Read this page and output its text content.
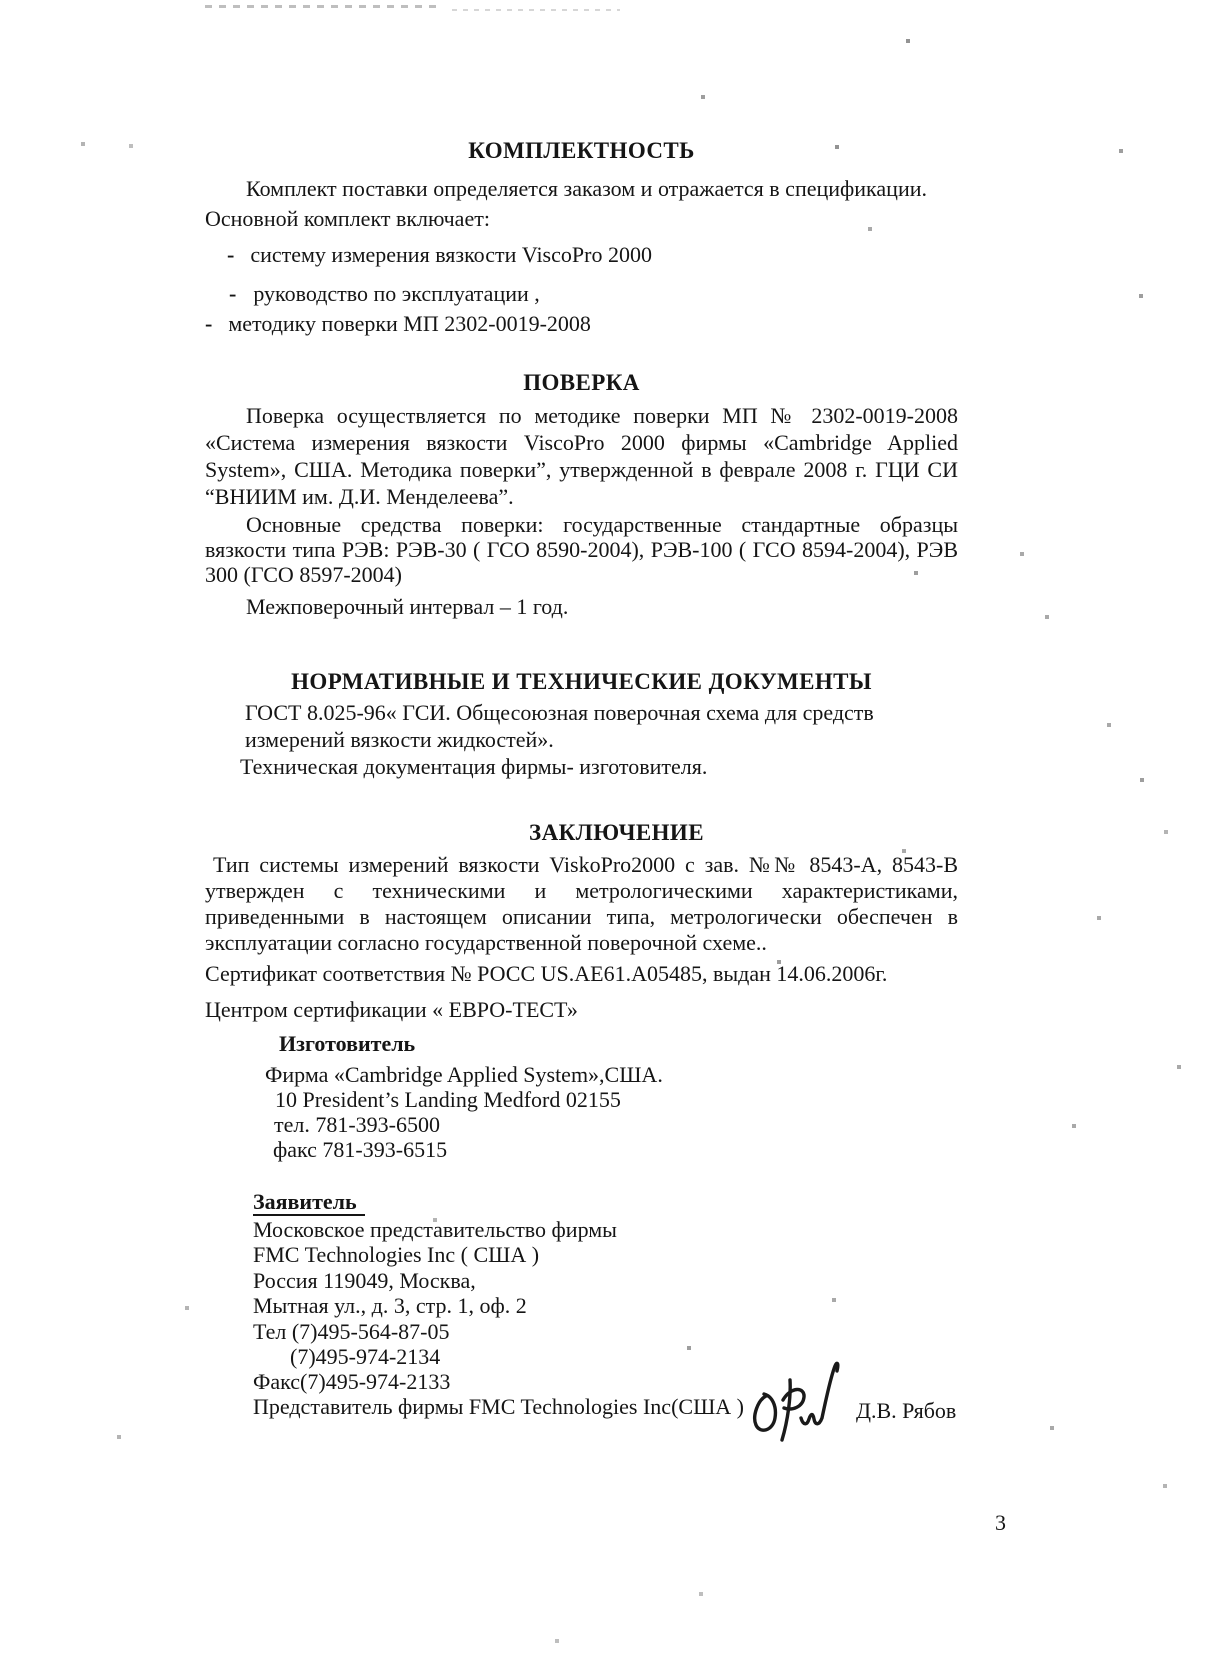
КОМПЛЕКТНОСТЬ
Комплект поставки определяется заказом и отражается в спецификации.
Основной комплект включает:
- систему измерения вязкости ViscoPro 2000
- руководство по эксплуатации ,
- методику поверки МП 2302-0019-2008
ПОВЕРКА
Поверка осуществляется по методике поверки МП № 2302-0019-2008
«Система измерения вязкости ViscoPro 2000 фирмы «Cambridge Applied
System», США. Методика поверки”, утвержденной в феврале 2008 г. ГЦИ СИ
“ВНИИМ им. Д.И. Менделеева”.
Основные средства поверки: государственные стандартные образцы
вязкости типа РЭВ: РЭВ-30 ( ГСО 8590-2004), РЭВ-100 ( ГСО 8594-2004), РЭВ
300 (ГСО 8597-2004)
Межповерочный интервал – 1 год.
НОРМАТИВНЫЕ И ТЕХНИЧЕСКИЕ ДОКУМЕНТЫ
ГОСТ 8.025-96« ГСИ. Общесоюзная поверочная схема для средств
измерений вязкости жидкостей».
Техническая документация фирмы- изготовителя.
ЗАКЛЮЧЕНИЕ
Тип системы измерений вязкости ViskoPro2000 с зав. №№ 8543-А, 8543-В
утвержден с техническими и метрологическими характеристиками,
приведенными в настоящем описании типа, метрологически обеспечен в
эксплуатации согласно государственной поверочной схеме..
Сертификат соответствия № РОСС US.AE61.A05485, выдан 14.06.2006г.
Центром сертификации « ЕВРО-ТЕСТ»
Изготовитель
Фирма «Cambridge Applied System»,США.
10 President’s Landing Medford 02155
тел. 781-393-6500
факс 781-393-6515
Заявитель
Московское представительство фирмы
FMC Technologies Inc ( США )
Россия 119049, Москва,
Мытная ул., д. 3, стр. 1, оф. 2
Тел (7)495-564-87-05
(7)495-974-2134
Факс(7)495-974-2133
Представитель фирмы FMC Technologies Inc(США )	Д.В. Рябов
3
